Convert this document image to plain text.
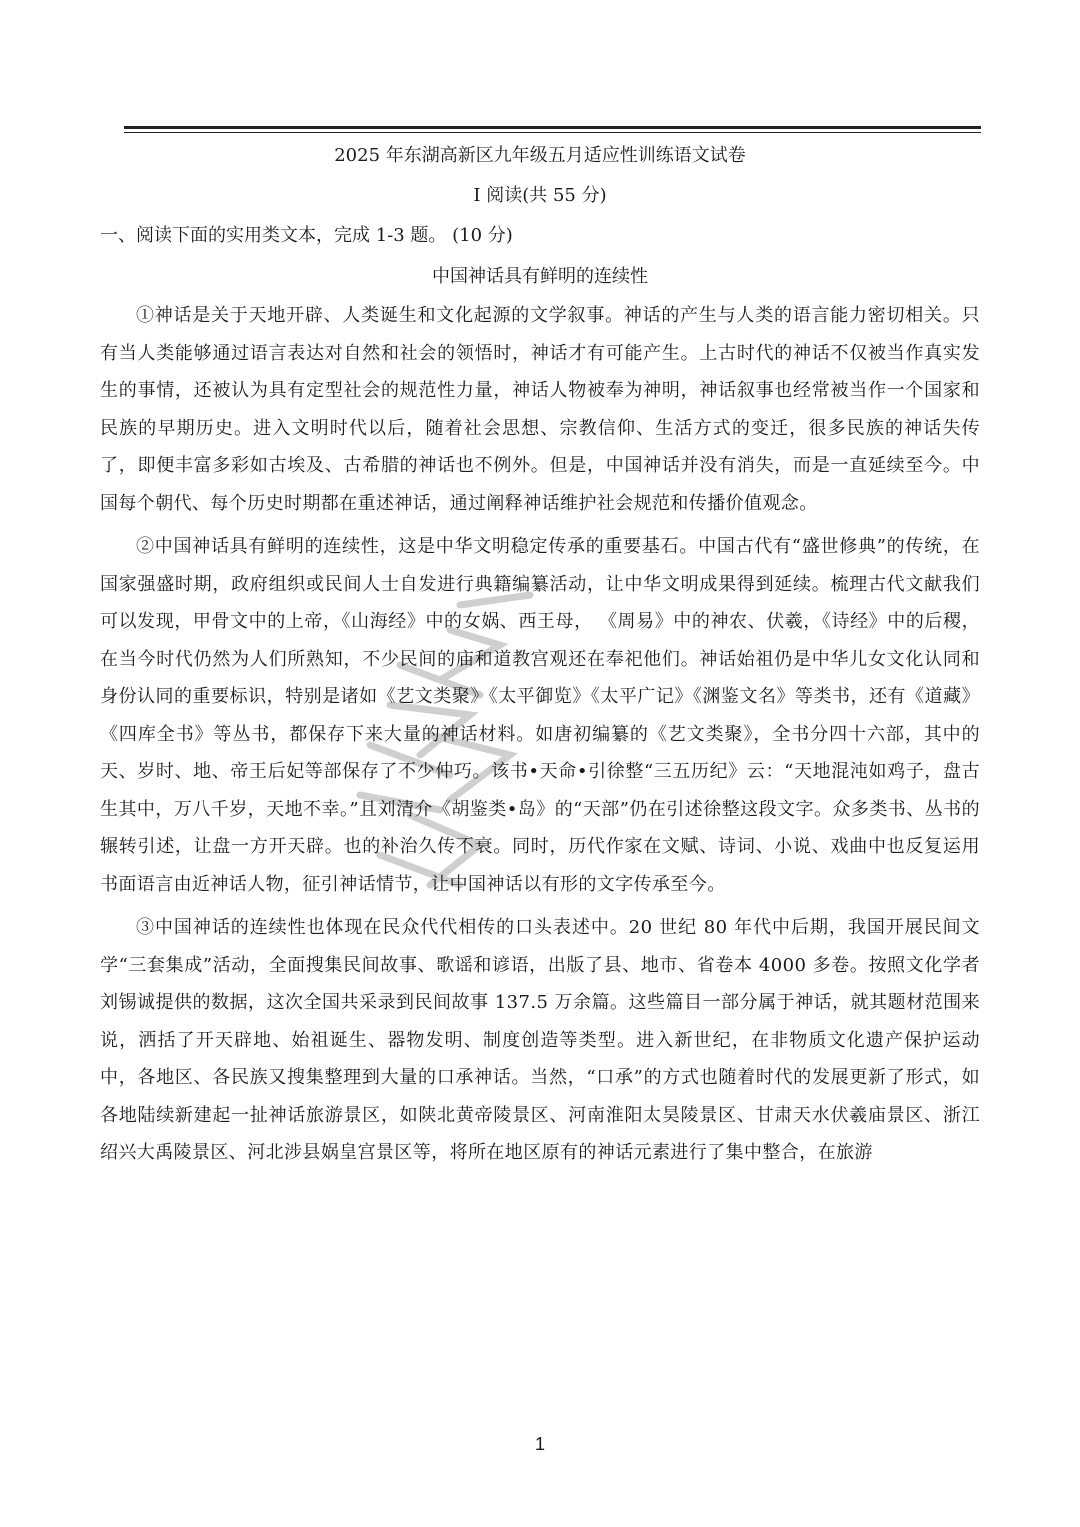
2025 年东湖高新区九年级五月适应性训练语文试卷
Ⅰ 阅读(共 55 分)
一、阅读下面的实用类文本，完成 1-3 题。 (10 分)
中国神话具有鲜明的连续性

①神话是关于天地开辟、人类诞生和文化起源的文学叙事。神话的产生与人类的语言能力密切相关。只有当人类能够通过语言表达对自然和社会的领悟时，神话才有可能产生。上古时代的神话不仅被当作真实发生的事情，还被认为具有定型社会的规范性力量，神话人物被奉为神明，神话叙事也经常被当作一个国家和民族的早期历史。进入文明时代以后，随着社会思想、宗教信仰、生活方式的变迁，很多民族的神话失传了，即便丰富多彩如古埃及、古希腊的神话也不例外。但是，中国神话并没有消失，而是一直延续至今。中国每个朝代、每个历史时期都在重述神话，通过阐释神话维护社会规范和传播价值观念。

②中国神话具有鲜明的连续性，这是中华文明稳定传承的重要基石。中国古代有“盛世修典”的传统，在国家强盛时期，政府组织或民间人士自发进行典籍编纂活动，让中华文明成果得到延续。梳理古代文献我们可以发现，甲骨文中的上帝，《山海经》中的女娲、西王母， 《周易》中的神农、伏羲，《诗经》中的后稷，在当今时代仍然为人们所熟知，不少民间的庙和道教宫观还在奉祀他们。神话始祖仍是中华儿女文化认同和身份认同的重要标识，特别是诸如《艺文类聚》《太平御览》《太平广记》《渊鉴文名》等类书，还有《道藏》《四库全书》等丛书，都保存下来大量的神话材料。如唐初编纂的《艺文类聚》，全书分四十六部，其中的天、岁时、地、帝王后妃等部保存了不少仲巧。该书•天命•引徐整“三五历纪》云：“天地混沌如鸡子，盘古生其中，万八千岁，天地不幸。”且刘清介《胡鉴类•岛》的“天部”仍在引述徐整这段文字。众多类书、丛书的辗转引述，让盘一方开天辟。也的补治久传不衰。同时，历代作家在文赋、诗词、小说、戏曲中也反复运用书面语言由近神话人物，征引神话情节，让中国神话以有形的文字传承至今。

③中国神话的连续性也体现在民众代代相传的口头表述中。20 世纪 80 年代中后期，我国开展民间文学“三套集成”活动，全面搜集民间故事、歌谣和谚语，出版了县、地市、省卷本 4000 多卷。按照文化学者刘锡诚提供的数据，这次全国共采录到民间故事 137.5 万余篇。这些篇目一部分属于神话，就其题材范围来说，洒括了开天辟地、始祖诞生、器物发明、制度创造等类型。进入新世纪，在非物质文化遗产保护运动中，各地区、各民族又搜集整理到大量的口承神话。当然，“口承”的方式也随着时代的发展更新了形式，如各地陆续新建起一扯神话旅游景区，如陕北黄帝陵景区、河南淮阳太昊陵景区、甘肃天水伏羲庙景区、浙江绍兴大禹陵景区、河北涉县娲皇宫景区等，将所在地区原有的神话元素进行了集中整合，在旅游

1
